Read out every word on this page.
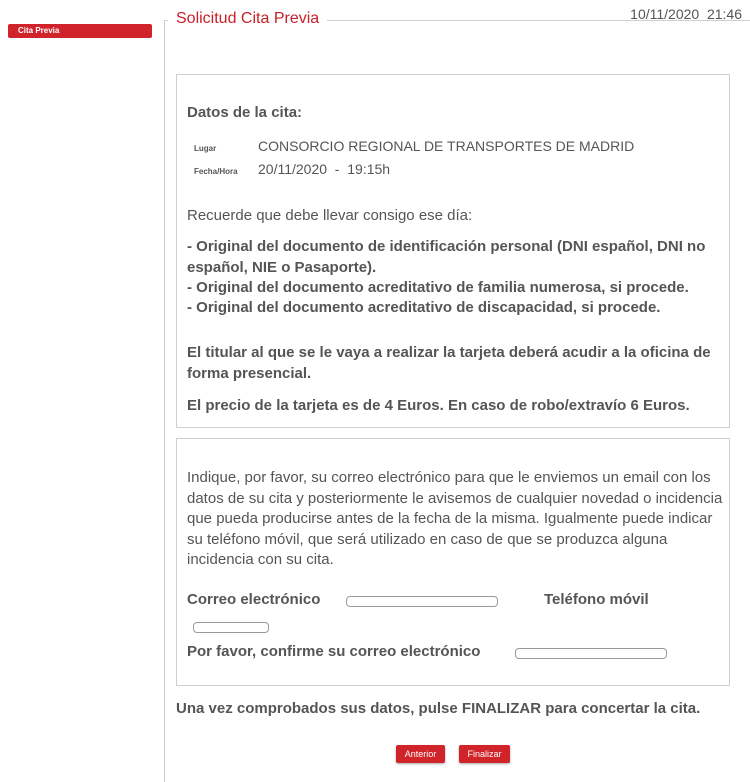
Cita Previa
10/11/2020  21:46
Solicitud Cita Previa
Datos de la cita:
Lugar	CONSORCIO REGIONAL DE TRANSPORTES DE MADRID
Fecha/Hora 20/11/2020  -  19:15h
Recuerde que debe llevar consigo ese día:
- Original del documento de identificación personal (DNI español, DNI no español, NIE o Pasaporte).
- Original del documento acreditativo de familia numerosa, si procede.
- Original del documento acreditativo de discapacidad, si procede.
El titular al que se le vaya a realizar la tarjeta deberá acudir a la oficina de forma presencial.
El precio de la tarjeta es de 4 Euros. En caso de robo/extravío 6 Euros.
Indique, por favor, su correo electrónico para que le enviemos un email con los datos de su cita y posteriormente le avisemos de cualquier novedad o incidencia que pueda producirse antes de la fecha de la misma. Igualmente puede indicar su teléfono móvil, que será utilizado en caso de que se produzca alguna incidencia con su cita.
Correo electrónico	Teléfono móvil
Por favor, confirme su correo electrónico
Una vez comprobados sus datos, pulse FINALIZAR para concertar la cita.
Anterior	Finalizar
